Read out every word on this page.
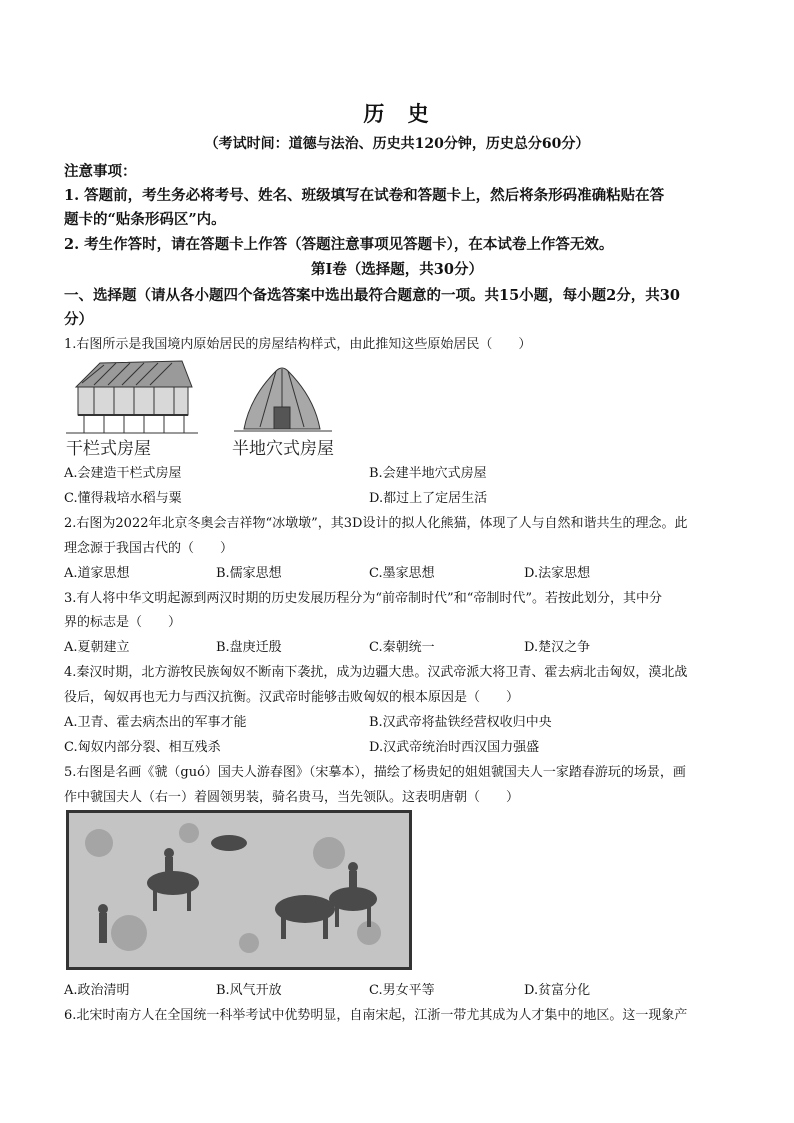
历 史
（考试时间：道德与法治、历史共120分钟，历史总分60分）
注意事项：
1. 答题前，考生务必将考号、姓名、班级填写在试卷和答题卡上，然后将条形码准确粘贴在答
题卡的“贴条形码区”内。
2. 考生作答时，请在答题卡上作答（答题注意事项见答题卡），在本试卷上作答无效。
第Ⅰ卷（选择题，共30分）
一、选择题（请从各小题四个备选答案中选出最符合题意的一项。共15小题，每小题2分，共30
分）
1.右图所示是我国境内原始居民的房屋结构样式，由此推知这些原始居民（　　）
干栏式房屋	半地穴式房屋
A.会建造干栏式房屋	B.会建半地穴式房屋
C.懂得栽培水稻与粟	D.都过上了定居生活
2.右图为2022年北京冬奥会吉祥物“冰墩墩”，其3D设计的拟人化熊猫，体现了人与自然和谐共生的理念。此
理念源于我国古代的（　　）
A.道家思想	B.儒家思想	C.墨家思想	D.法家思想
3.有人将中华文明起源到两汉时期的历史发展历程分为“前帝制时代”和“帝制时代”。若按此划分，其中分
界的标志是（　　）
A.夏朝建立	B.盘庚迁殷	C.秦朝统一	D.楚汉之争
4.秦汉时期，北方游牧民族匈奴不断南下袭扰，成为边疆大患。汉武帝派大将卫青、霍去病北击匈奴，漠北战
役后，匈奴再也无力与西汉抗衡。汉武帝时能够击败匈奴的根本原因是（　　）
A.卫青、霍去病杰出的军事才能	B.汉武帝将盐铁经营权收归中央
C.匈奴内部分裂、相互残杀	D.汉武帝统治时西汉国力强盛
5.右图是名画《虢（guó）国夫人游春图》（宋摹本），描绘了杨贵妃的姐姐虢国夫人一家踏春游玩的场景，画
作中虢国夫人（右一）着圆领男装，骑名贵马，当先领队。这表明唐朝（　　）
A.政治清明	B.风气开放	C.男女平等	D.贫富分化
6.北宋时南方人在全国统一科举考试中优势明显，自南宋起，江浙一带尤其成为人才集中的地区。这一现象产
